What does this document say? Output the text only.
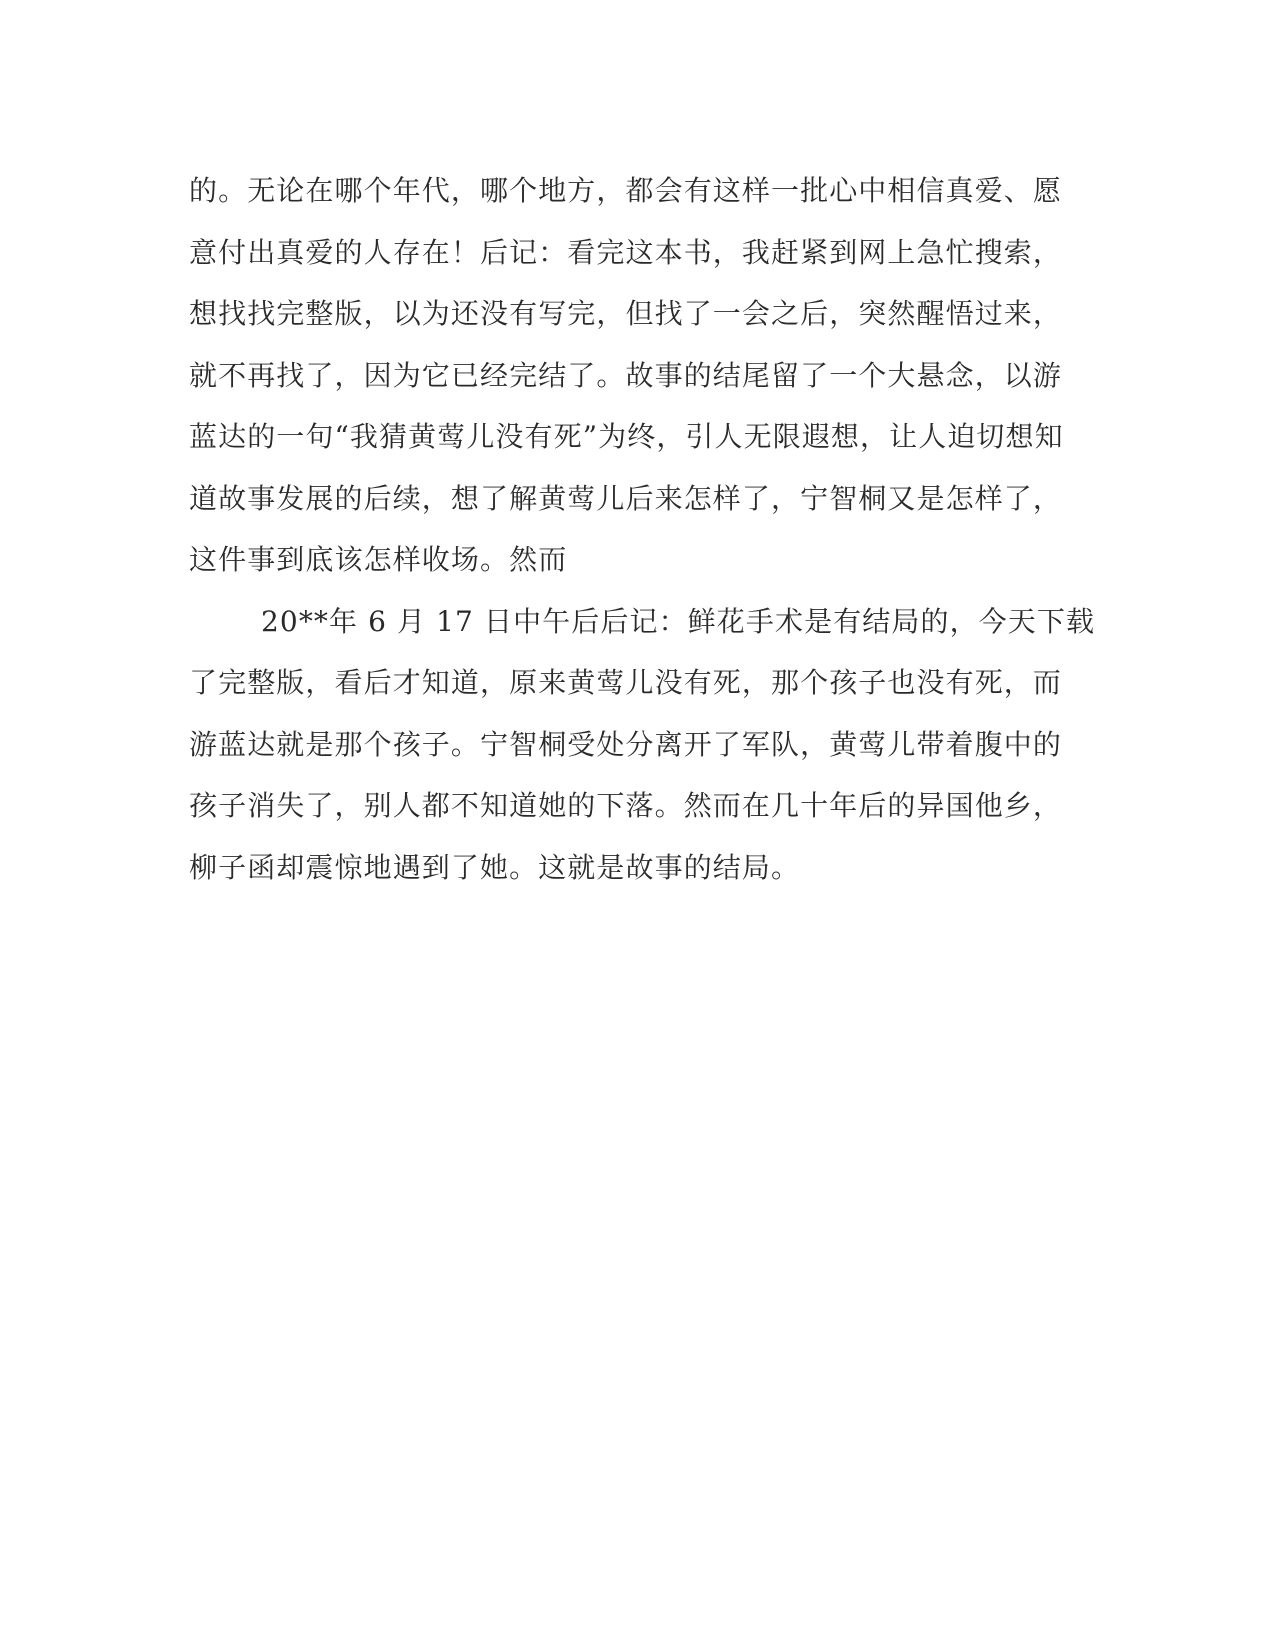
的。无论在哪个年代，哪个地方，都会有这样一批心中相信真爱、愿
意付出真爱的人存在！后记：看完这本书，我赶紧到网上急忙搜索，
想找找完整版，以为还没有写完，但找了一会之后，突然醒悟过来，
就不再找了，因为它已经完结了。故事的结尾留了一个大悬念，以游
蓝达的一句“我猜黄莺儿没有死”为终，引人无限遐想，让人迫切想知
道故事发展的后续，想了解黄莺儿后来怎样了，宁智桐又是怎样了，
这件事到底该怎样收场。然而
20**年 6 月 17 日中午后后记：鲜花手术是有结局的，今天下载
了完整版，看后才知道，原来黄莺儿没有死，那个孩子也没有死，而
游蓝达就是那个孩子。宁智桐受处分离开了军队，黄莺儿带着腹中的
孩子消失了，别人都不知道她的下落。然而在几十年后的异国他乡，
柳子函却震惊地遇到了她。这就是故事的结局。
